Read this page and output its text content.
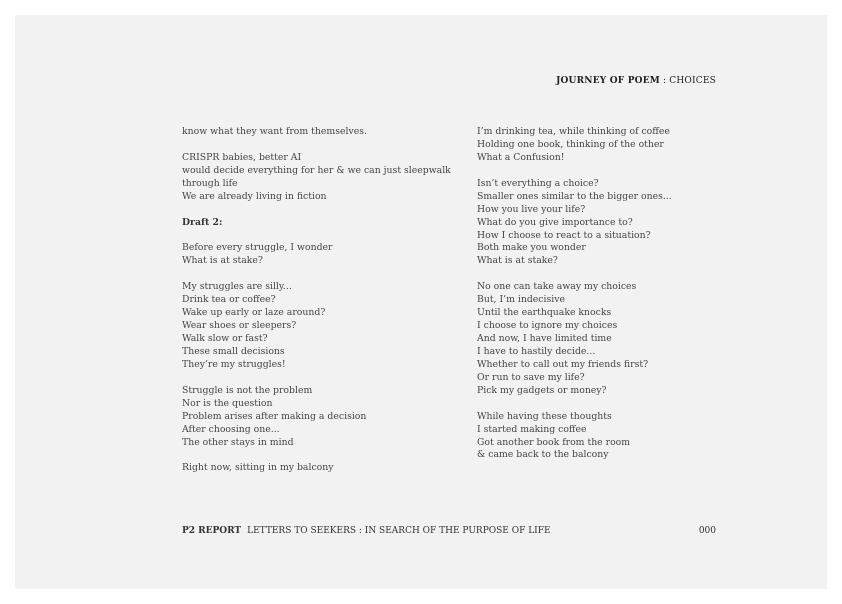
JOURNEY OF POEM : CHOICES
know what they want from themselves.
CRISPR babies, better AI
would decide everything for her & we can just sleepwalk
through life
We are already living in fiction
Draft 2:
Before every struggle, I wonder
What is at stake?
My struggles are silly...
Drink tea or coffee?
Wake up early or laze around?
Wear shoes or sleepers?
Walk slow or fast?
These small decisions
They’re my struggles!
Struggle is not the problem
Nor is the question
Problem arises after making a decision
After choosing one...
The other stays in mind
Right now, sitting in my balcony
I’m drinking tea, while thinking of coffee
Holding one book, thinking of the other
What a Confusion!
Isn’t everything a choice?
Smaller ones similar to the bigger ones...
How you live your life?
What do you give importance to?
How I choose to react to a situation?
Both make you wonder
What is at stake?
No one can take away my choices
But, I’m indecisive
Until the earthquake knocks
I choose to ignore my choices
And now, I have limited time
I have to hastily decide...
Whether to call out my friends first?
Or run to save my life?
Pick my gadgets or money?
While having these thoughts
I started making coffee
Got another book from the room
& came back to the balcony
P2 REPORT LETTERS TO SEEKERS : IN SEARCH OF THE PURPOSE OF LIFE	000
